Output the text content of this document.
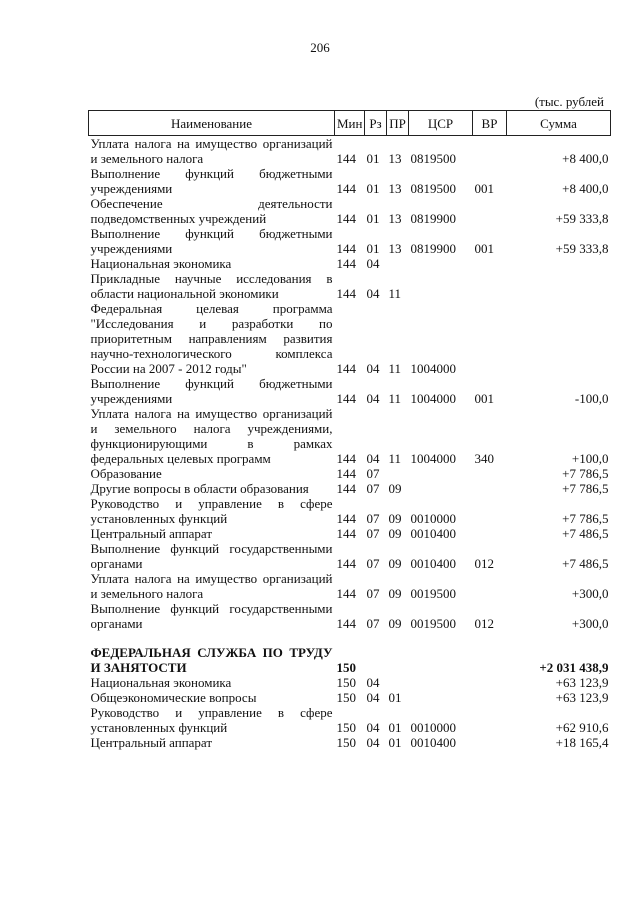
206
(тыс. рублей
Наименование	Мин	Рз	ПР	ЦСР	ВР	Сумма
Уплата налога на имущество организаций и земельного налога	144	01	13	0819500		+8 400,0
Выполнение функций бюджетными учреждениями	144	01	13	0819500	001	+8 400,0
Обеспечение деятельности подведомственных учреждений	144	01	13	0819900		+59 333,8
Выполнение функций бюджетными учреждениями	144	01	13	0819900	001	+59 333,8
Национальная экономика	144	04				
Прикладные научные исследования в области национальной экономики	144	04	11			
Федеральная целевая программа "Исследования и разработки по приоритетным направлениям развития научно-технологического комплекса России на 2007 - 2012 годы"	144	04	11	1004000		
Выполнение функций бюджетными учреждениями	144	04	11	1004000	001	-100,0
Уплата налога на имущество организаций и земельного налога учреждениями, функционирующими в рамках федеральных целевых программ	144	04	11	1004000	340	+100,0
Образование	144	07				+7 786,5
Другие вопросы в области образования	144	07	09			+7 786,5
Руководство и управление в сфере установленных функций	144	07	09	0010000		+7 786,5
Центральный аппарат	144	07	09	0010400		+7 486,5
Выполнение функций государственными органами	144	07	09	0010400	012	+7 486,5
Уплата налога на имущество организаций и земельного налога	144	07	09	0019500		+300,0
Выполнение функций государственными органами	144	07	09	0019500	012	+300,0

ФЕДЕРАЛЬНАЯ СЛУЖБА ПО ТРУДУ И ЗАНЯТОСТИ	150					+2 031 438,9
Национальная экономика	150	04				+63 123,9
Общеэкономические вопросы	150	04	01			+63 123,9
Руководство и управление в сфере установленных функций	150	04	01	0010000		+62 910,6
Центральный аппарат	150	04	01	0010400		+18 165,4
